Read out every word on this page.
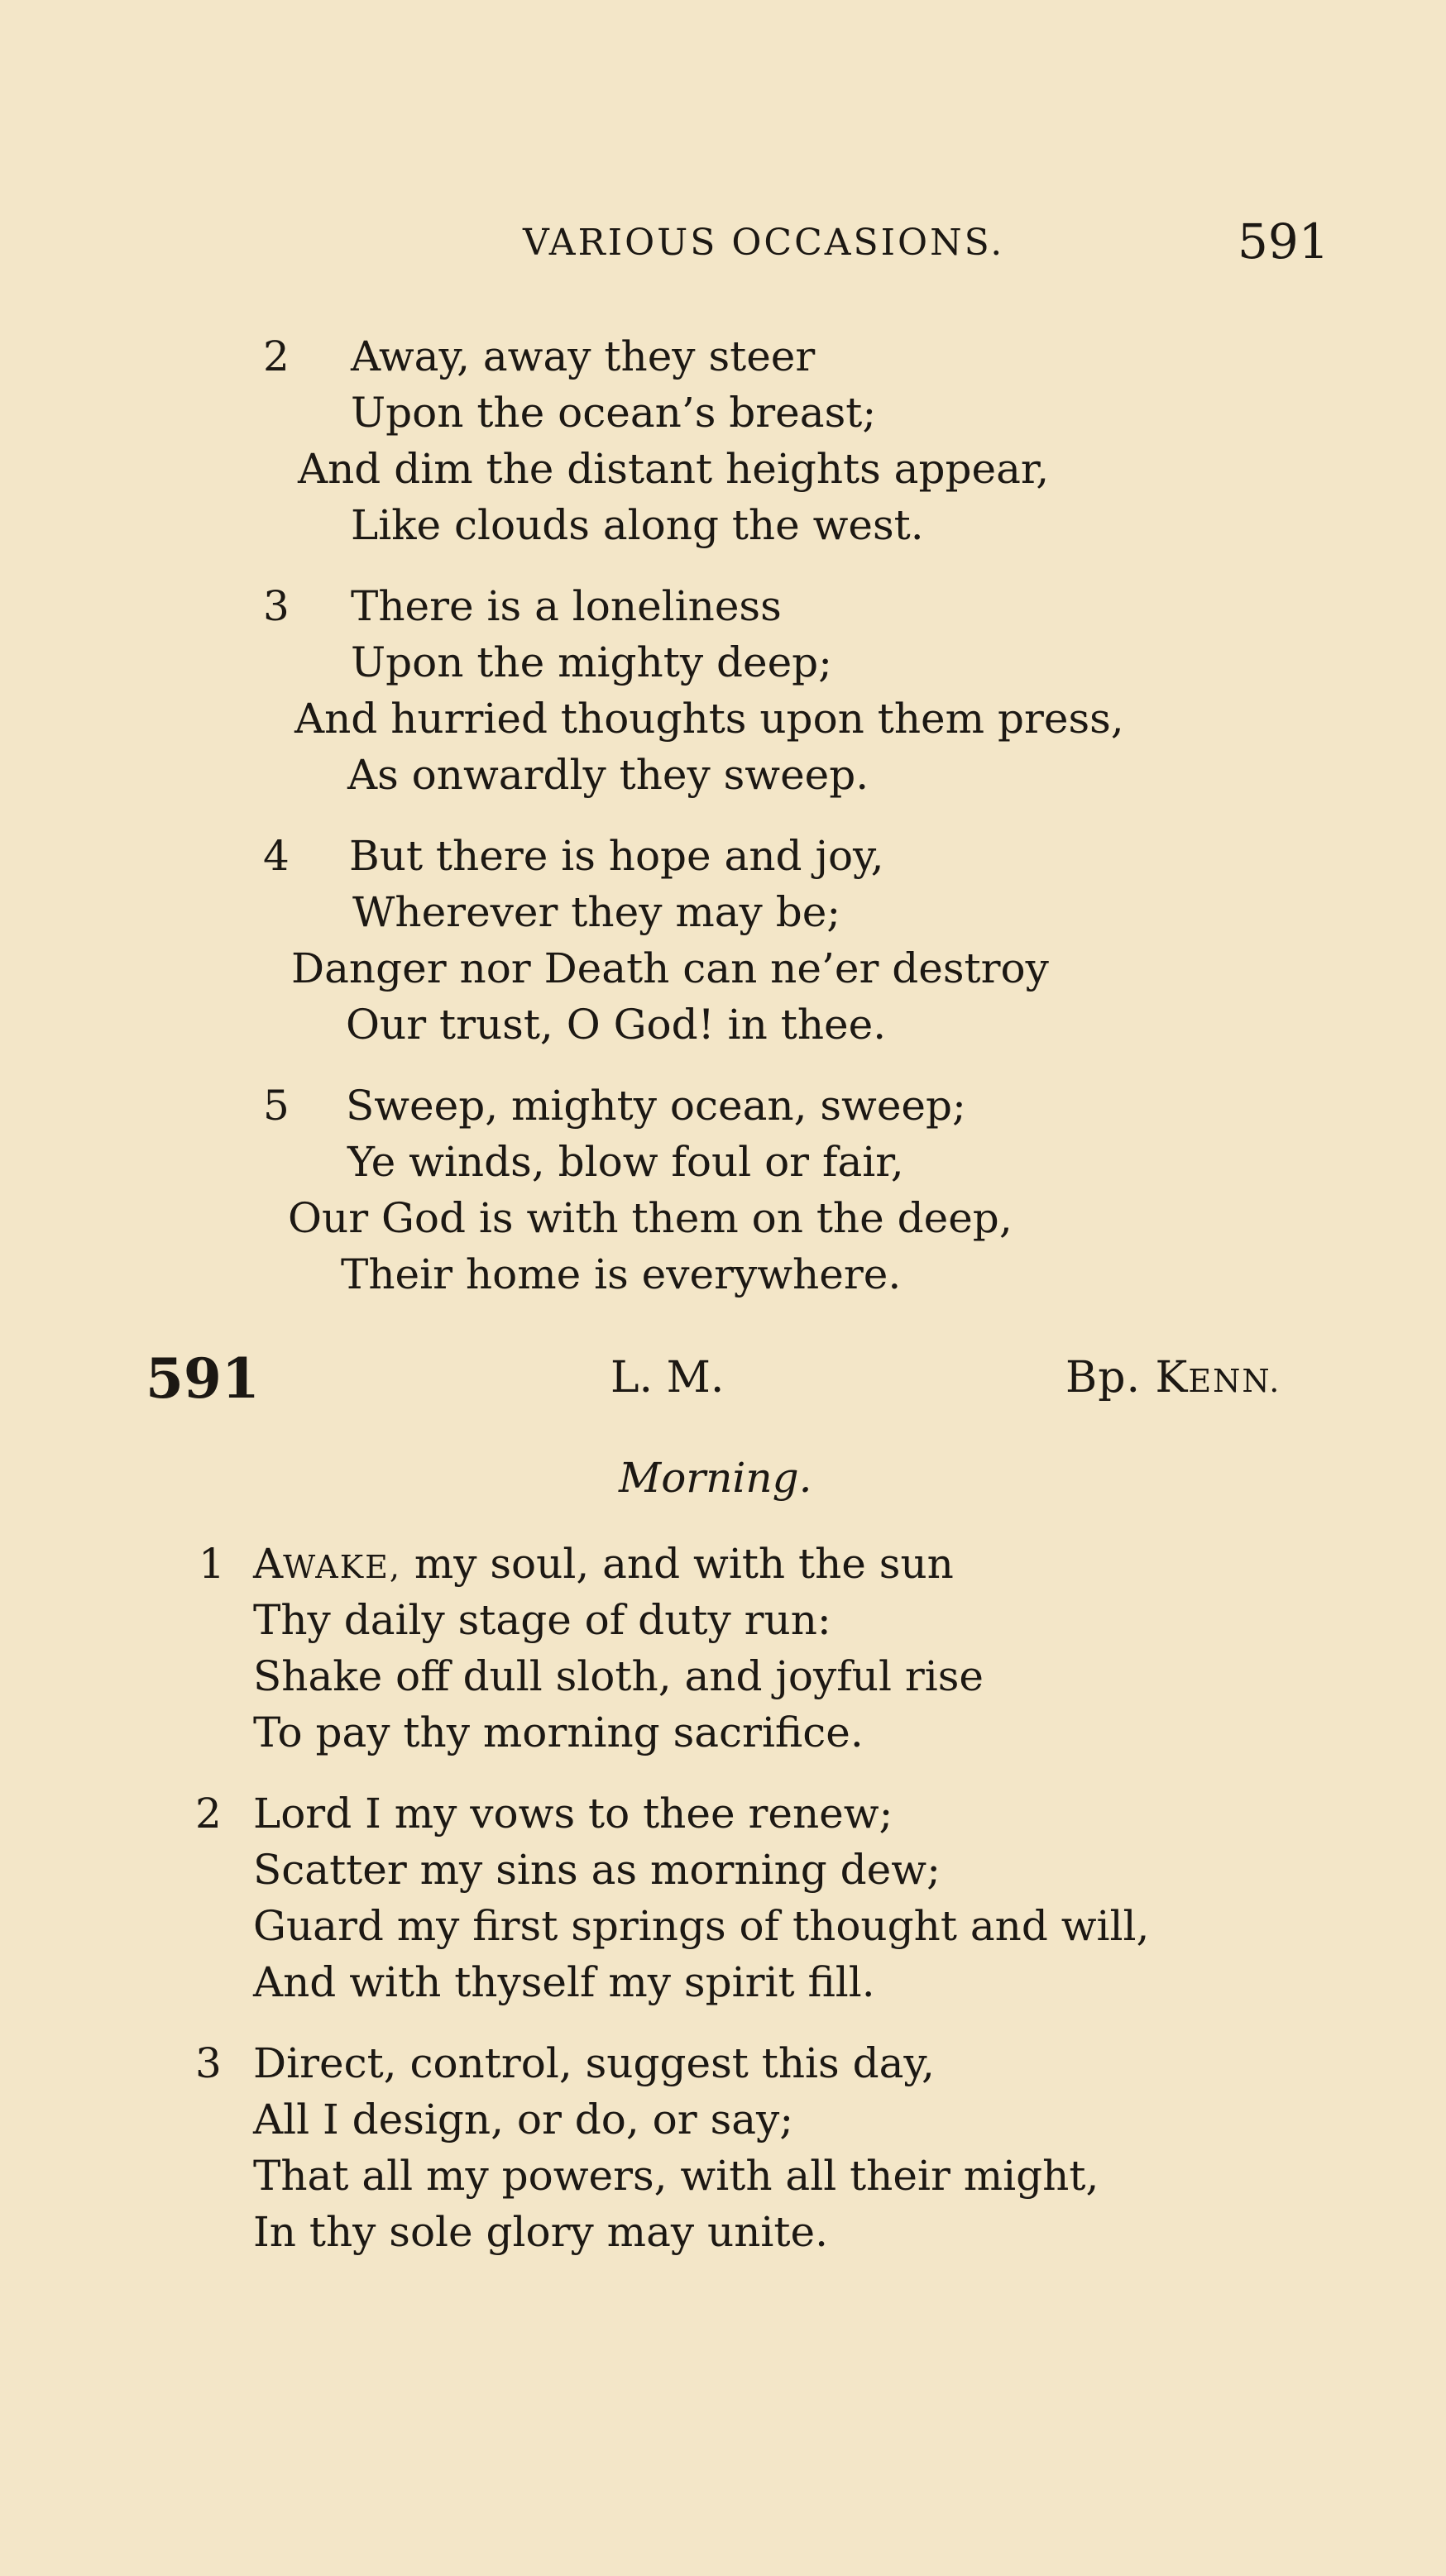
VARIOUS OCCASIONS.	591
2 Away, away they steer
Upon the ocean’s breast;
And dim the distant heights appear,
Like clouds along the west.
3 There is a loneliness
Upon the mighty deep;
And hurried thoughts upon them press,
As onwardly they sweep.
4 But there is hope and joy,
Wherever they may be;
Danger nor Death can ne’er destroy
Our trust, O God! in thee.
5 Sweep, mighty ocean, sweep;
Ye winds, blow foul or fair,
Our God is with them on the deep,
Their home is everywhere.
591	L. M.	Bp. KENN.
Morning.
1 AWAKE, my soul, and with the sun
Thy daily stage of duty run:
Shake off dull sloth, and joyful rise
To pay thy morning sacrifice.
2 Lord I my vows to thee renew;
Scatter my sins as morning dew;
Guard my first springs of thought and will,
And with thyself my spirit fill.
3 Direct, control, suggest this day,
All I design, or do, or say;
That all my powers, with all their might,
In thy sole glory may unite.
